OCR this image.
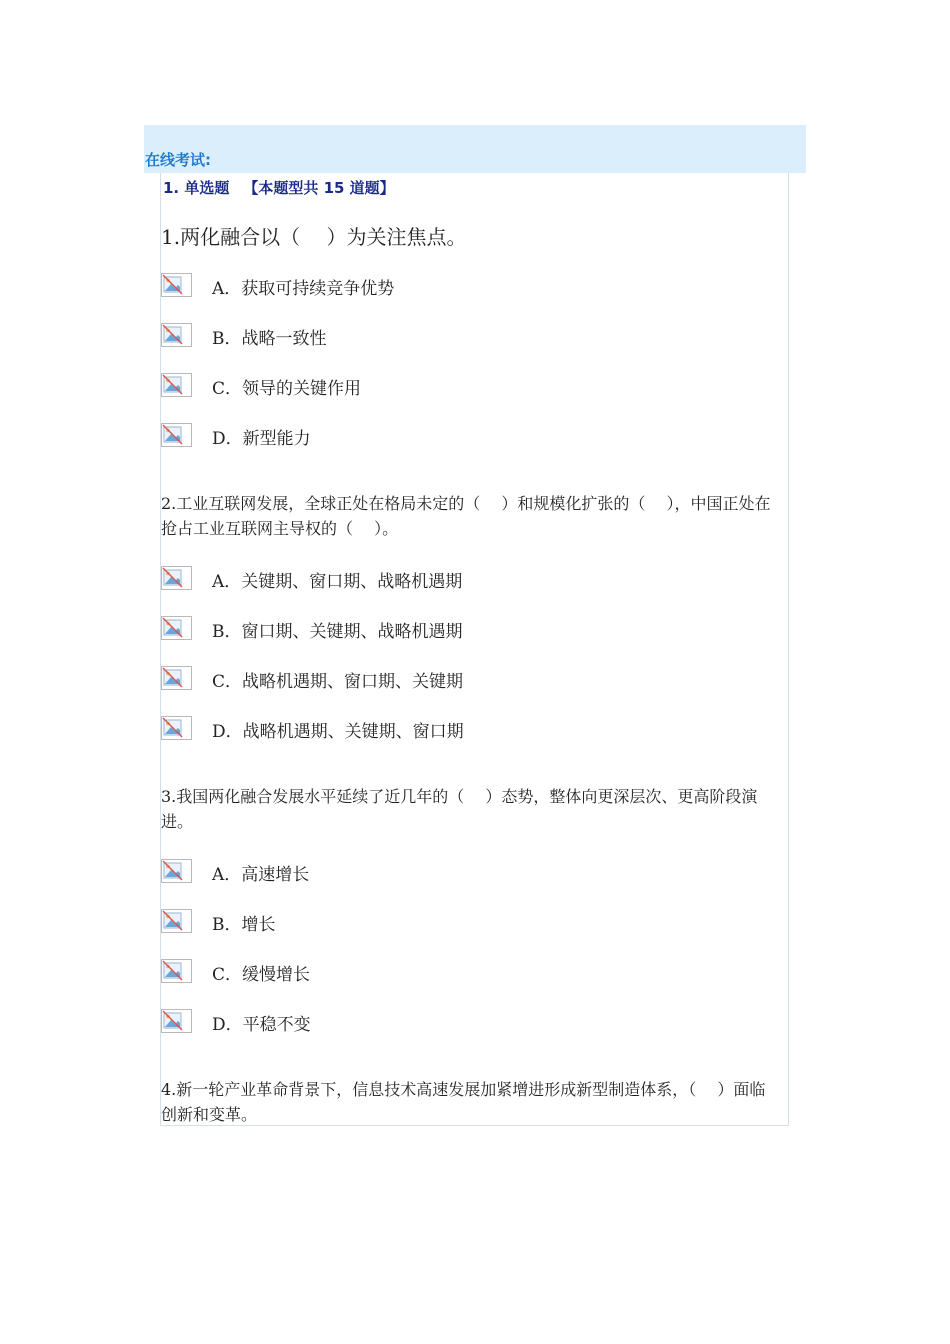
在线考试:
1. 单选题 【本题型共 15 道题】
1.两化融合以（　 ）为关注焦点。
A．获取可持续竞争优势
B．战略一致性
C．领导的关键作用
D．新型能力
2.工业互联网发展，全球正处在格局未定的（　 ）和规模化扩张的（　 ），中国正处在抢占工业互联网主导权的（　 ）。
A．关键期、窗口期、战略机遇期
B．窗口期、关键期、战略机遇期
C．战略机遇期、窗口期、关键期
D．战略机遇期、关键期、窗口期
3.我国两化融合发展水平延续了近几年的（　 ）态势，整体向更深层次、更高阶段演进。
A．高速增长
B．增长
C．缓慢增长
D．平稳不变
4.新一轮产业革命背景下，信息技术高速发展加紧增进形成新型制造体系，（　 ）面临创新和变革。
